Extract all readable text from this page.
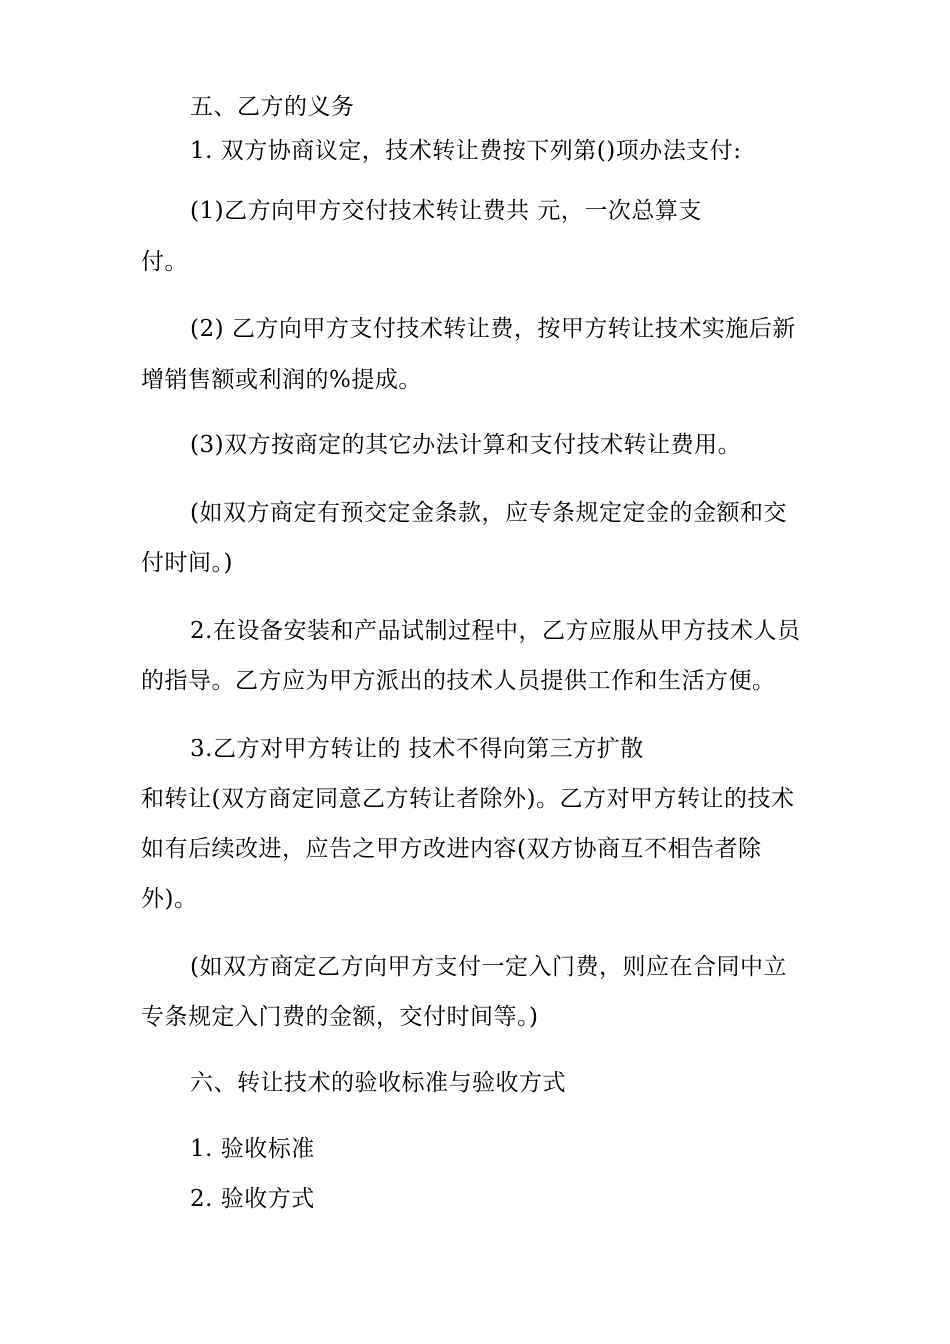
五、乙方的义务
1. 双方协商议定，技术转让费按下列第()项办法支付:
(1)乙方向甲方交付技术转让费共 元，一次总算支
付。
(2) 乙方向甲方支付技术转让费，按甲方转让技术实施后新
增销售额或利润的%提成。
(3)双方按商定的其它办法计算和支付技术转让费用。
(如双方商定有预交定金条款，应专条规定定金的金额和交
付时间。)
2.在设备安装和产品试制过程中，乙方应服从甲方技术人员
的指导。乙方应为甲方派出的技术人员提供工作和生活方便。
3.乙方对甲方转让的 技术不得向第三方扩散
和转让(双方商定同意乙方转让者除外)。乙方对甲方转让的技术
如有后续改进，应告之甲方改进内容(双方协商互不相告者除
外)。
(如双方商定乙方向甲方支付一定入门费，则应在合同中立
专条规定入门费的金额，交付时间等。)
六、转让技术的验收标准与验收方式
1. 验收标准
2. 验收方式
